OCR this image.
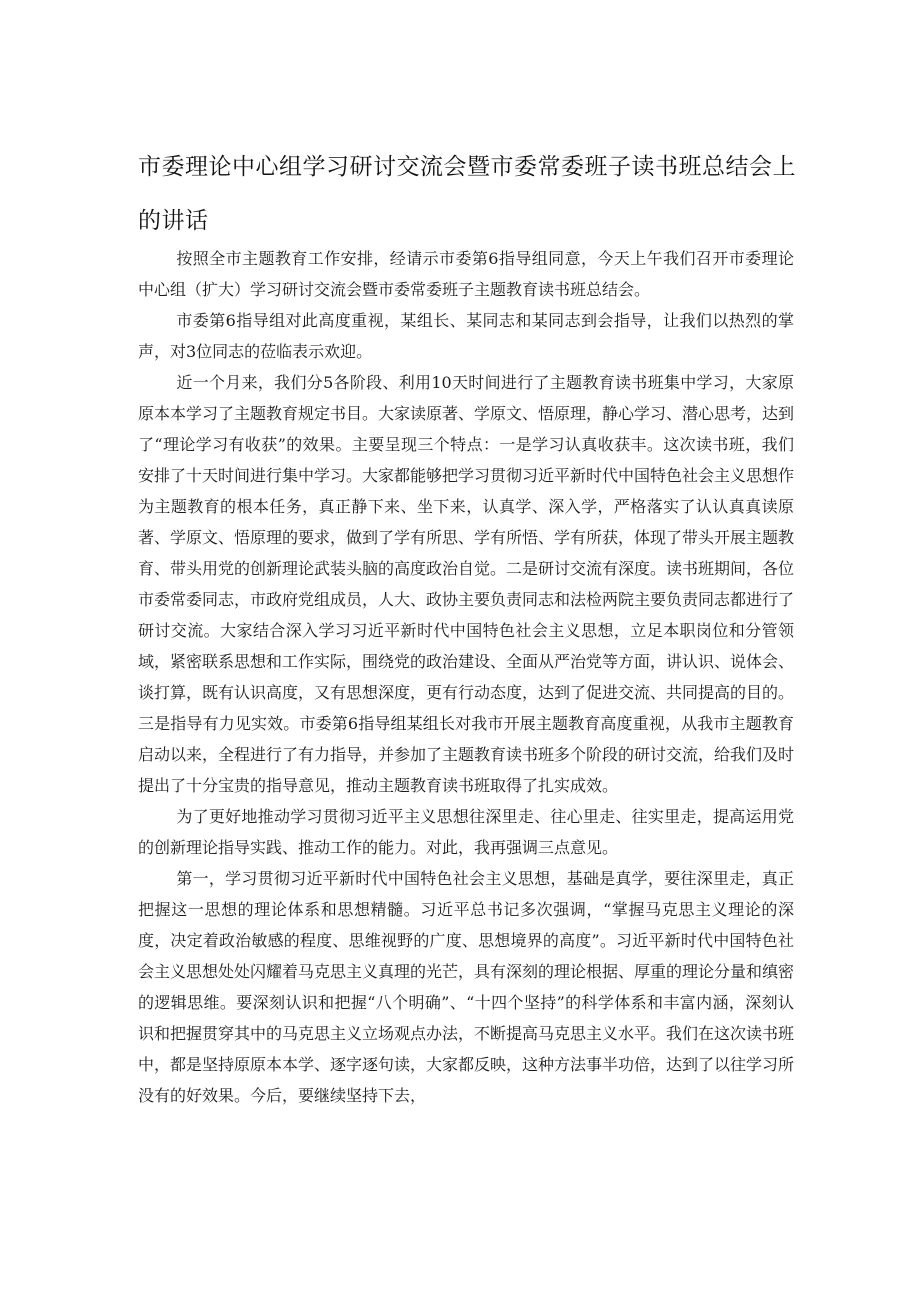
市委理论中心组学习研讨交流会暨市委常委班子读书班总结会上的讲话

按照全市主题教育工作安排，经请示市委第6指导组同意，今天上午我们召开市委理论中心组（扩大）学习研讨交流会暨市委常委班子主题教育读书班总结会。

市委第6指导组对此高度重视，某组长、某同志和某同志到会指导，让我们以热烈的掌声，对3位同志的莅临表示欢迎。

近一个月来，我们分5各阶段、利用10天时间进行了主题教育读书班集中学习，大家原原本本学习了主题教育规定书目。大家读原著、学原文、悟原理，静心学习、潜心思考，达到了“理论学习有收获”的效果。主要呈现三个特点：一是学习认真收获丰。这次读书班，我们安排了十天时间进行集中学习。大家都能够把学习贯彻习近平新时代中国特色社会主义思想作为主题教育的根本任务，真正静下来、坐下来，认真学、深入学，严格落实了认认真真读原著、学原文、悟原理的要求，做到了学有所思、学有所悟、学有所获，体现了带头开展主题教育、带头用党的创新理论武装头脑的高度政治自觉。二是研讨交流有深度。读书班期间，各位市委常委同志，市政府党组成员，人大、政协主要负责同志和法检两院主要负责同志都进行了研讨交流。大家结合深入学习习近平新时代中国特色社会主义思想，立足本职岗位和分管领域，紧密联系思想和工作实际，围绕党的政治建设、全面从严治党等方面，讲认识、说体会、谈打算，既有认识高度，又有思想深度，更有行动态度，达到了促进交流、共同提高的目的。三是指导有力见实效。市委第6指导组某组长对我市开展主题教育高度重视，从我市主题教育启动以来，全程进行了有力指导，并参加了主题教育读书班多个阶段的研讨交流，给我们及时提出了十分宝贵的指导意见，推动主题教育读书班取得了扎实成效。

为了更好地推动学习贯彻习近平主义思想往深里走、往心里走、往实里走，提高运用党的创新理论指导实践、推动工作的能力。对此，我再强调三点意见。

第一，学习贯彻习近平新时代中国特色社会主义思想，基础是真学，要往深里走，真正把握这一思想的理论体系和思想精髓。习近平总书记多次强调，“掌握马克思主义理论的深度，决定着政治敏感的程度、思维视野的广度、思想境界的高度”。习近平新时代中国特色社会主义思想处处闪耀着马克思主义真理的光芒，具有深刻的理论根据、厚重的理论分量和缜密的逻辑思维。要深刻认识和把握“八个明确”、“十四个坚持”的科学体系和丰富内涵，深刻认识和把握贯穿其中的马克思主义立场观点办法，不断提高马克思主义水平。我们在这次读书班中，都是坚持原原本本学、逐字逐句读，大家都反映，这种方法事半功倍，达到了以往学习所没有的好效果。今后，要继续坚持下去，
